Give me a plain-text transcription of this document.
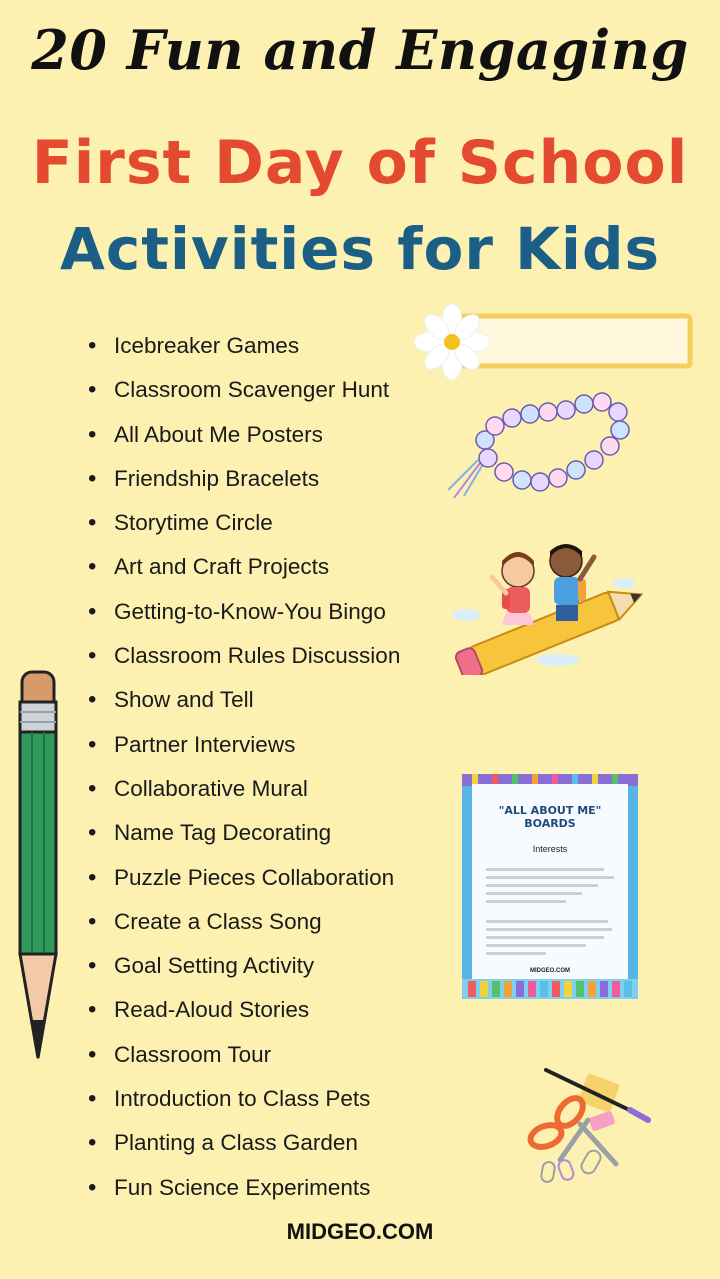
20 Fun and Engaging
First Day of School
Activities for Kids
• Icebreaker Games
• Classroom Scavenger Hunt
• All About Me Posters
• Friendship Bracelets
• Storytime Circle
• Art and Craft Projects
• Getting-to-Know-You Bingo
• Classroom Rules Discussion
• Show and Tell
• Partner Interviews
• Collaborative Mural
• Name Tag Decorating
• Puzzle Pieces Collaboration
• Create a Class Song
• Goal Setting Activity
• Read-Aloud Stories
• Classroom Tour
• Introduction to Class Pets
• Planting a Class Garden
• Fun Science Experiments
"ALL ABOUT ME"
BOARDS
Interests
MIDGEO.COM
MIDGEO.COM
